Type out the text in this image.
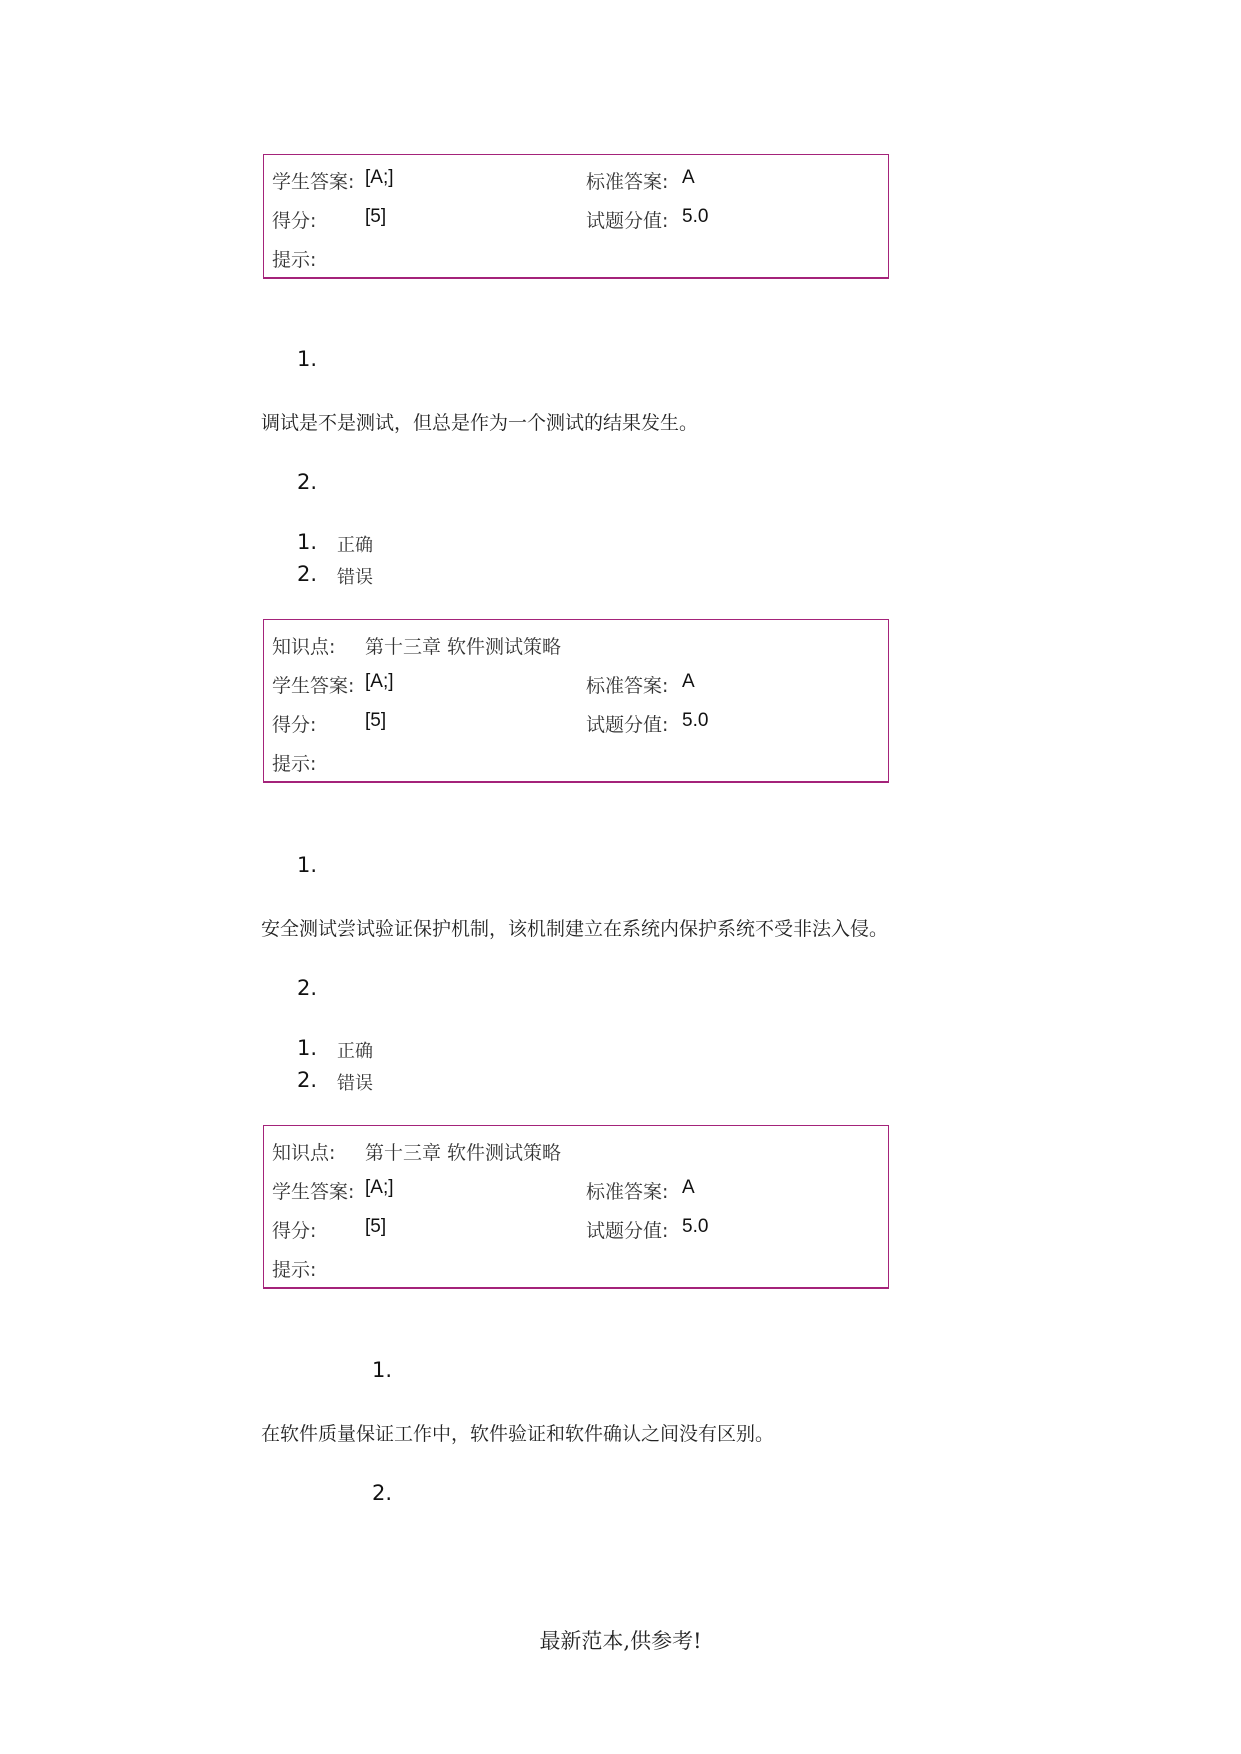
学生答案: [A;]	标准答案: A
得分:	[5]	试题分值: 5.0
提示:
1.
调试是不是测试，但总是作为一个测试的结果发生。
2.
1. 正确
2. 错误
知识点: 第十三章 软件测试策略
学生答案: [A;]	标准答案: A
得分:	[5]	试题分值: 5.0
提示:
1.
安全测试尝试验证保护机制，该机制建立在系统内保护系统不受非法入侵。
2.
1. 正确
2. 错误
知识点: 第十三章 软件测试策略
学生答案: [A;]	标准答案: A
得分:	[5]	试题分值: 5.0
提示:
1.
在软件质量保证工作中，软件验证和软件确认之间没有区别。
2.
最新范本,供参考!
